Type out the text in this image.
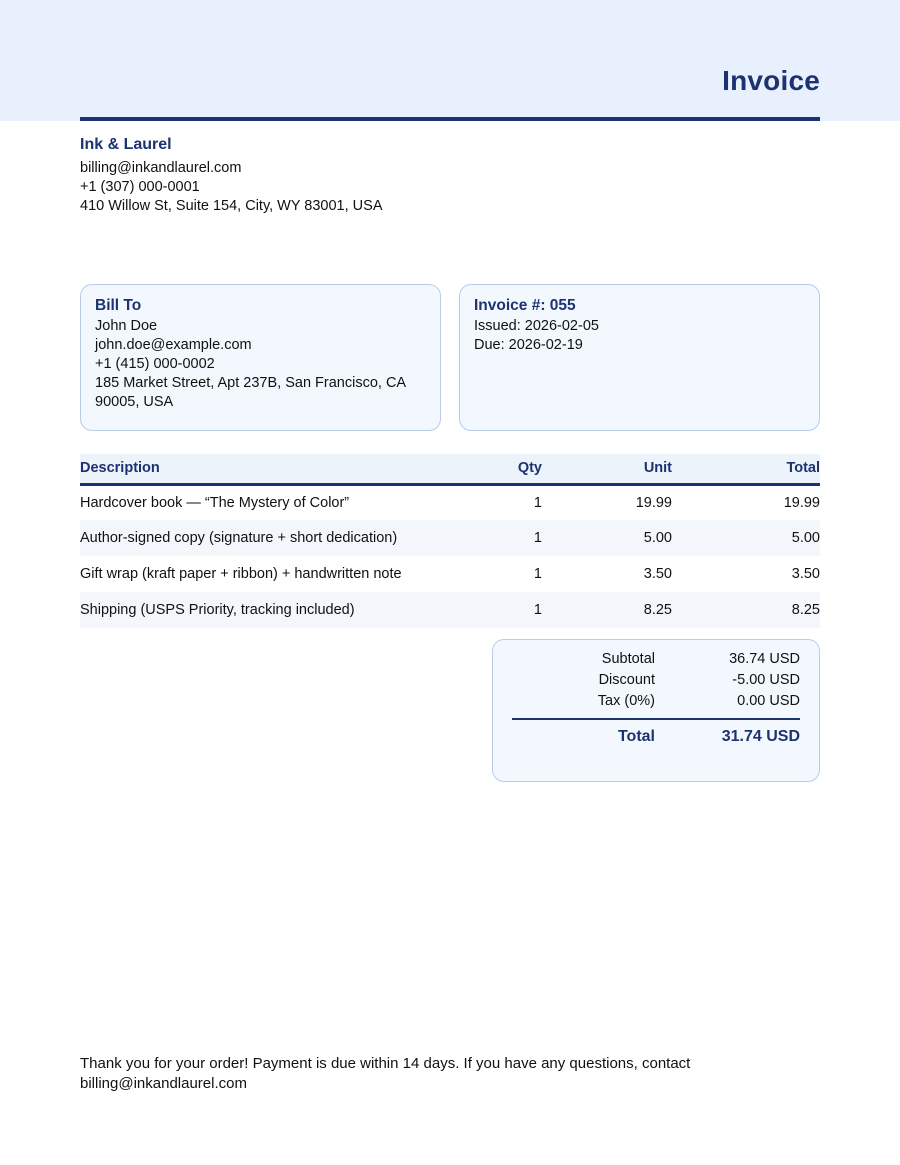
Invoice
Ink & Laurel
billing@inkandlaurel.com
+1 (307) 000-0001
410 Willow St, Suite 154, City, WY 83001, USA
Bill To
John Doe
john.doe@example.com
+1 (415) 000-0002
185 Market Street, Apt 237B, San Francisco, CA 90005, USA
Invoice #: 055
Issued: 2026-02-05
Due: 2026-02-19
Description	Qty	Unit	Total
Hardcover book — “The Mystery of Color”	1	19.99	19.99
Author-signed copy (signature + short dedication)	1	5.00	5.00
Gift wrap (kraft paper + ribbon) + handwritten note	1	3.50	3.50
Shipping (USPS Priority, tracking included)	1	8.25	8.25
Subtotal	36.74 USD
Discount	-5.00 USD
Tax (0%)	0.00 USD
Total	31.74 USD
Thank you for your order! Payment is due within 14 days. If you have any questions, contact billing@inkandlaurel.com
